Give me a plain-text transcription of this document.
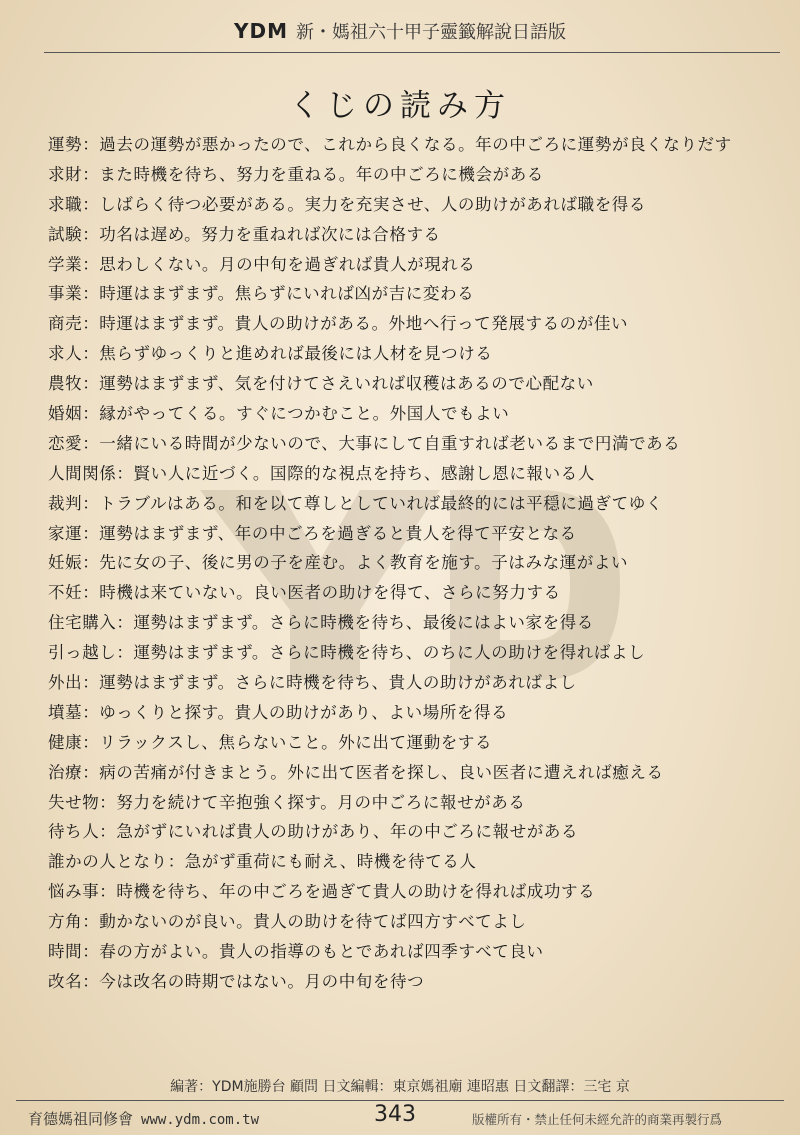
YDM 新・媽祖六十甲子靈籤解說日語版
くじの読み方
運勢：過去の運勢が悪かったので、これから良くなる。年の中ごろに運勢が良くなりだす
求財：また時機を待ち、努力を重ねる。年の中ごろに機会がある
求職：しばらく待つ必要がある。実力を充実させ、人の助けがあれば職を得る
試験：功名は遅め。努力を重ねれば次には合格する
学業：思わしくない。月の中旬を過ぎれば貴人が現れる
事業：時運はまずまず。焦らずにいれば凶が吉に変わる
商売：時運はまずまず。貴人の助けがある。外地へ行って発展するのが佳い
求人：焦らずゆっくりと進めれば最後には人材を見つける
農牧：運勢はまずまず、気を付けてさえいれば収穫はあるので心配ない
婚姻：縁がやってくる。すぐにつかむこと。外国人でもよい
恋愛：一緒にいる時間が少ないので、大事にして自重すれば老いるまで円満である
人間関係：賢い人に近づく。国際的な視点を持ち、感謝し恩に報いる人
裁判：トラブルはある。和を以て尊しとしていれば最終的には平穏に過ぎてゆく
家運：運勢はまずまず、年の中ごろを過ぎると貴人を得て平安となる
妊娠：先に女の子、後に男の子を産む。よく教育を施す。子はみな運がよい
不妊：時機は来ていない。良い医者の助けを得て、さらに努力する
住宅購入：運勢はまずまず。さらに時機を待ち、最後にはよい家を得る
引っ越し：運勢はまずまず。さらに時機を待ち、のちに人の助けを得ればよし
外出：運勢はまずまず。さらに時機を待ち、貴人の助けがあればよし
墳墓：ゆっくりと探す。貴人の助けがあり、よい場所を得る
健康：リラックスし、焦らないこと。外に出て運動をする
治療：病の苦痛が付きまとう。外に出て医者を探し、良い医者に遭えれば癒える
失せ物：努力を続けて辛抱強く探す。月の中ごろに報せがある
待ち人：急がずにいれば貴人の助けがあり、年の中ごろに報せがある
誰かの人となり：急がず重荷にも耐え、時機を待てる人
悩み事：時機を待ち、年の中ごろを過ぎて貴人の助けを得れば成功する
方角：動かないのが良い。貴人の助けを待てば四方すべてよし
時間：春の方がよい。貴人の指導のもとであれば四季すべて良い
改名：今は改名の時期ではない。月の中旬を待つ
編著：YDM施勝台 顧問 日文編輯：東京媽祖廟 連昭惠 日文翻譯：三宅 京
育德媽祖同修會 www.ydm.com.tw	343	版權所有・禁止任何未經允許的商業再製行爲
